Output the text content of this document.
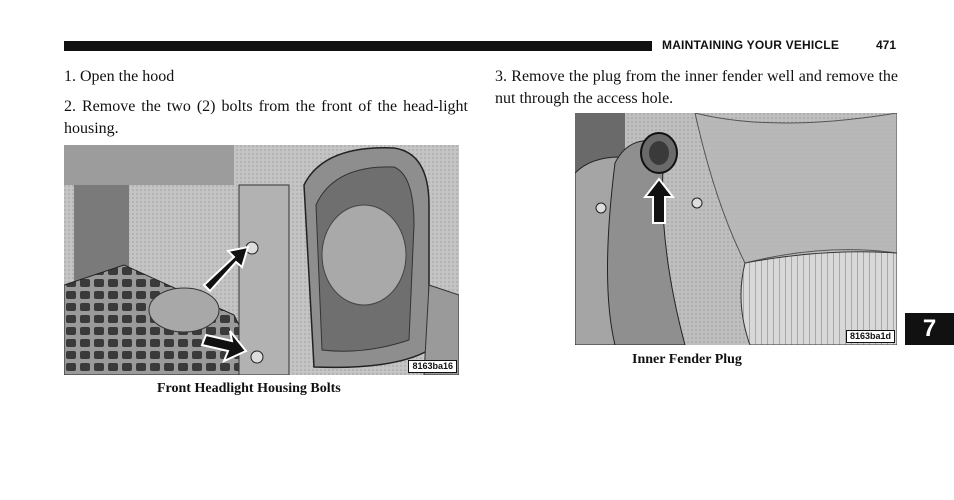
MAINTAINING YOUR VEHICLE	471

1. Open the hood

2. Remove the two (2) bolts from the front of the head-light housing.

3. Remove the plug from the inner fender well and remove the nut through the access hole.

8163ba16
Front Headlight Housing Bolts
8163ba1d
Inner Fender Plug
7
